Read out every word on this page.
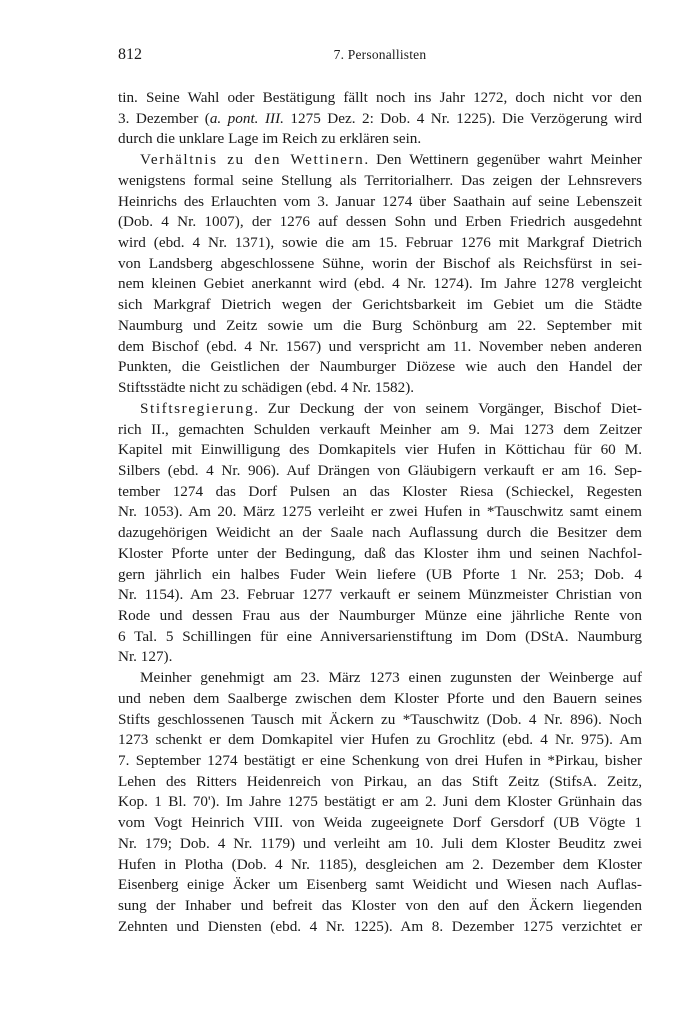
812	7. Personallisten
tin. Seine Wahl oder Bestätigung fällt noch ins Jahr 1272, doch nicht vor den
3. Dezember (a. pont. III. 1275 Dez. 2: Dob. 4 Nr. 1225). Die Verzögerung wird
durch die unklare Lage im Reich zu erklären sein.
Verhältnis zu den Wettinern. Den Wettinern gegenüber wahrt Meinher
wenigstens formal seine Stellung als Territorialherr. Das zeigen der Lehnsrevers
Heinrichs des Erlauchten vom 3. Januar 1274 über Saathain auf seine Lebenszeit
(Dob. 4 Nr. 1007), der 1276 auf dessen Sohn und Erben Friedrich ausgedehnt
wird (ebd. 4 Nr. 1371), sowie die am 15. Februar 1276 mit Markgraf Dietrich
von Landsberg abgeschlossene Sühne, worin der Bischof als Reichsfürst in sei-
nem kleinen Gebiet anerkannt wird (ebd. 4 Nr. 1274). Im Jahre 1278 vergleicht
sich Markgraf Dietrich wegen der Gerichtsbarkeit im Gebiet um die Städte
Naumburg und Zeitz sowie um die Burg Schönburg am 22. September mit
dem Bischof (ebd. 4 Nr. 1567) und verspricht am 11. November neben anderen
Punkten, die Geistlichen der Naumburger Diözese wie auch den Handel der
Stiftsstädte nicht zu schädigen (ebd. 4 Nr. 1582).
Stiftsregierung. Zur Deckung der von seinem Vorgänger, Bischof Diet-
rich II., gemachten Schulden verkauft Meinher am 9. Mai 1273 dem Zeitzer
Kapitel mit Einwilligung des Domkapitels vier Hufen in Köttichau für 60 M.
Silbers (ebd. 4 Nr. 906). Auf Drängen von Gläubigern verkauft er am 16. Sep-
tember 1274 das Dorf Pulsen an das Kloster Riesa (Schieckel, Regesten
Nr. 1053). Am 20. März 1275 verleiht er zwei Hufen in *Tauschwitz samt einem
dazugehörigen Weidicht an der Saale nach Auflassung durch die Besitzer dem
Kloster Pforte unter der Bedingung, daß das Kloster ihm und seinen Nachfol-
gern jährlich ein halbes Fuder Wein liefere (UB Pforte 1 Nr. 253; Dob. 4
Nr. 1154). Am 23. Februar 1277 verkauft er seinem Münzmeister Christian von
Rode und dessen Frau aus der Naumburger Münze eine jährliche Rente von
6 Tal. 5 Schillingen für eine Anniversarienstiftung im Dom (DStA. Naumburg
Nr. 127).
Meinher genehmigt am 23. März 1273 einen zugunsten der Weinberge auf
und neben dem Saalberge zwischen dem Kloster Pforte und den Bauern seines
Stifts geschlossenen Tausch mit Äckern zu *Tauschwitz (Dob. 4 Nr. 896). Noch
1273 schenkt er dem Domkapitel vier Hufen zu Grochlitz (ebd. 4 Nr. 975). Am
7. September 1274 bestätigt er eine Schenkung von drei Hufen in *Pirkau, bisher
Lehen des Ritters Heidenreich von Pirkau, an das Stift Zeitz (StifsA. Zeitz,
Kop. 1 Bl. 70'). Im Jahre 1275 bestätigt er am 2. Juni dem Kloster Grünhain das
vom Vogt Heinrich VIII. von Weida zugeeignete Dorf Gersdorf (UB Vögte 1
Nr. 179; Dob. 4 Nr. 1179) und verleiht am 10. Juli dem Kloster Beuditz zwei
Hufen in Plotha (Dob. 4 Nr. 1185), desgleichen am 2. Dezember dem Kloster
Eisenberg einige Äcker um Eisenberg samt Weidicht und Wiesen nach Auflas-
sung der Inhaber und befreit das Kloster von den auf den Äckern liegenden
Zehnten und Diensten (ebd. 4 Nr. 1225). Am 8. Dezember 1275 verzichtet er
